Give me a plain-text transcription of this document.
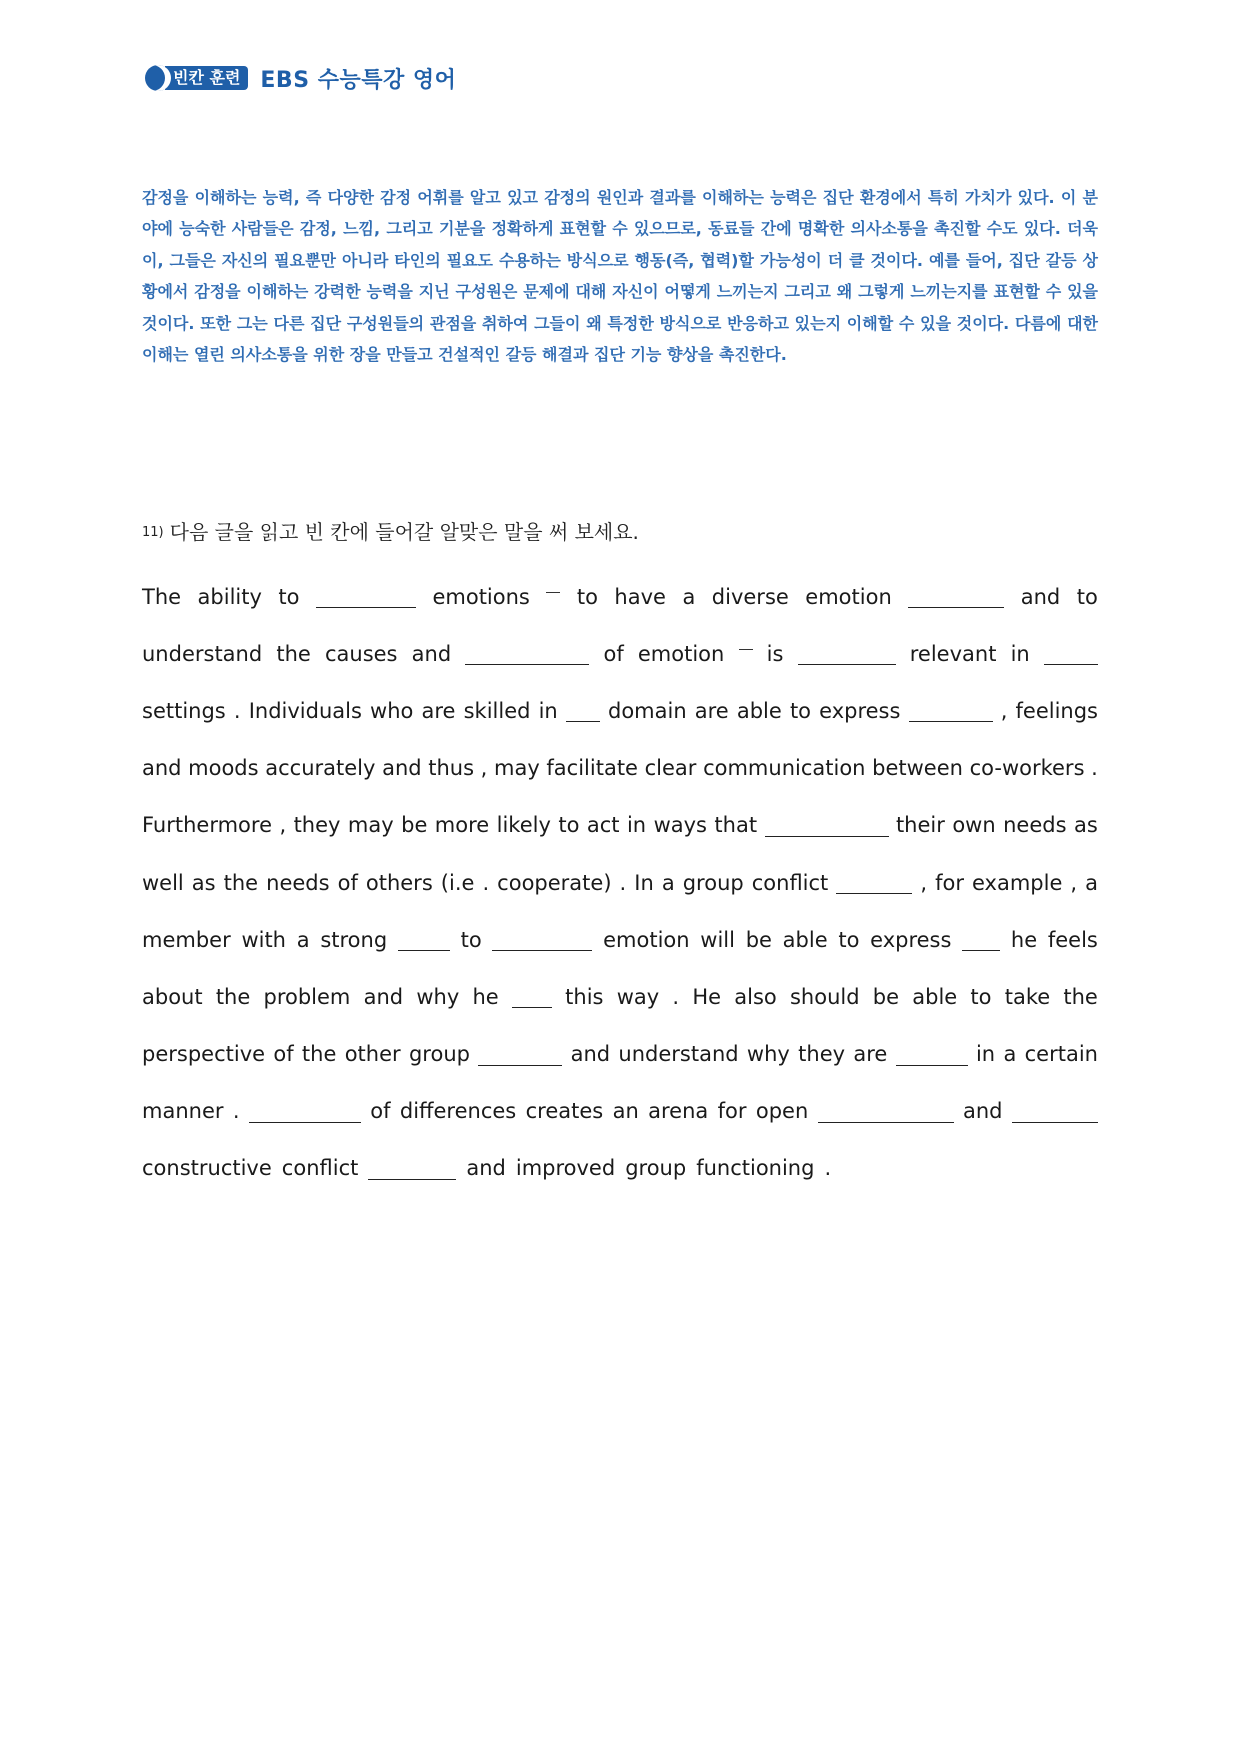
빈칸 훈련 EBS 수능특강 영어
감정을 이해하는 능력, 즉 다양한 감정 어휘를 알고 있고 감정의 원인과 결과를 이해하는 능력은 집단 환경에서 특히 가치가 있다. 이 분야에 능숙한 사람들은 감정, 느낌, 그리고 기분을 정확하게 표현할 수 있으므로, 동료들 간에 명확한 의사소통을 촉진할 수도 있다. 더욱이, 그들은 자신의 필요뿐만 아니라 타인의 필요도 수용하는 방식으로 행동(즉, 협력)할 가능성이 더 클 것이다. 예를 들어, 집단 갈등 상황에서 감정을 이해하는 강력한 능력을 지닌 구성원은 문제에 대해 자신이 어떻게 느끼는지 그리고 왜 그렇게 느끼는지를 표현할 수 있을 것이다. 또한 그는 다른 집단 구성원들의 관점을 취하여 그들이 왜 특정한 방식으로 반응하고 있는지 이해할 수 있을 것이다. 다름에 대한 이해는 열린 의사소통을 위한 장을 만들고 건설적인 갈등 해결과 집단 기능 향상을 촉진한다.
$^{11)}$ 다음 글을 읽고 빈 칸에 들어갈 알맞은 말을 써 보세요.
The ability to	emotions to have a diverse emotion	and to
understand the causes and	of emotion is	relevant in
settings . Individuals who are skilled in domain are able to express	, feelings
and moods accurately and thus , may facilitate clear communication between co-workers .
Furthermore , they may be more likely to act in ways that	their own needs as
well as the needs of others (i.e . cooperate) . In a group conflict	, for example , a
member with a strong	to	emotion will be able to express	he feels
about the problem and why he	this way . He also should be able to take the
perspective of the other group	and understand why they are	in a certain
manner .	of differences creates an arena for open	and
constructive conflict	and improved group functioning .
